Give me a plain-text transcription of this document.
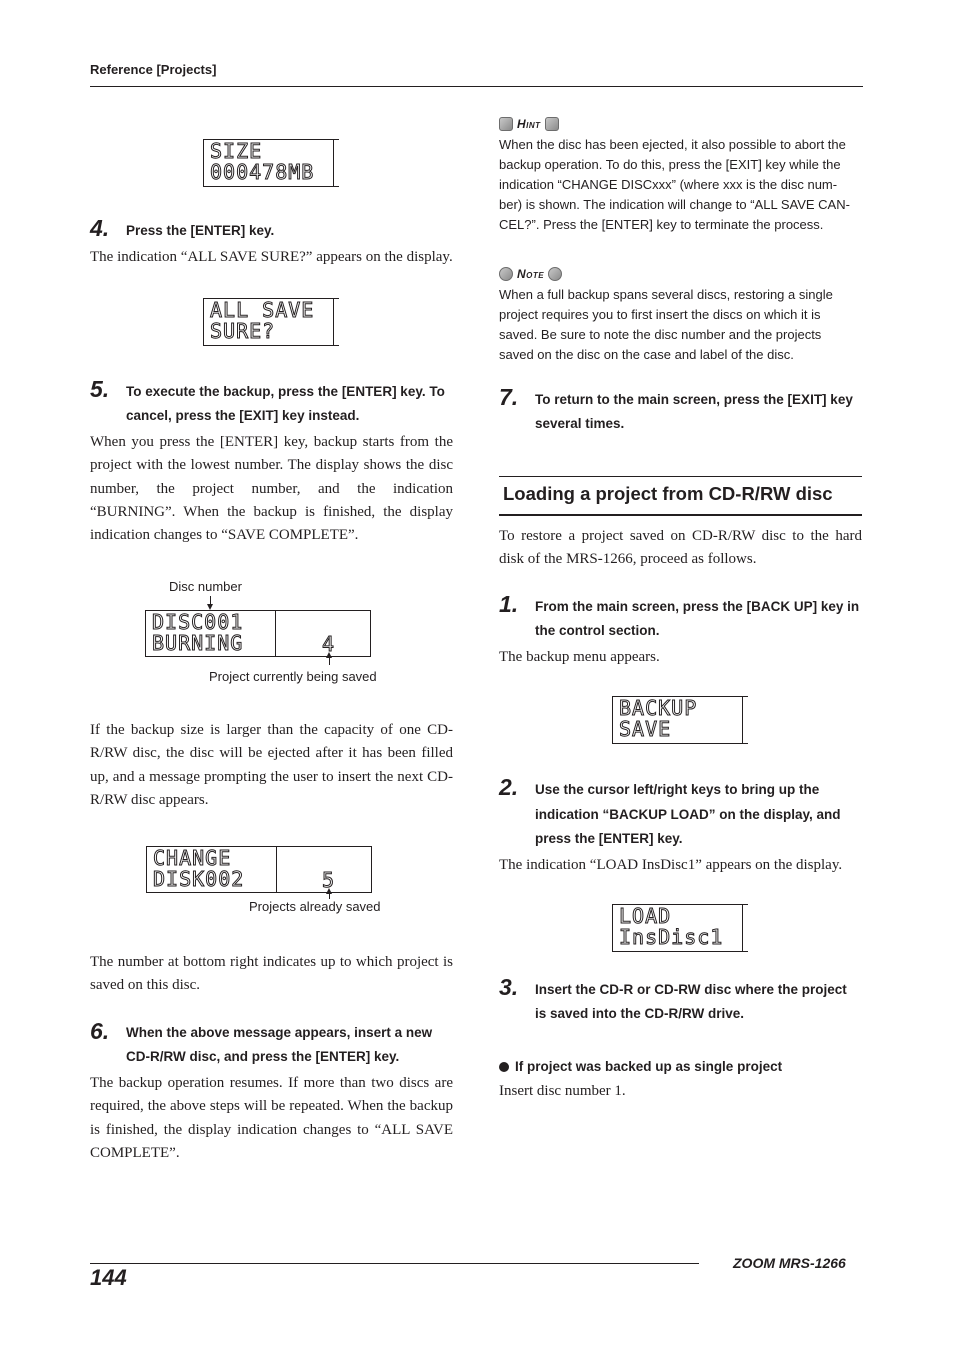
Reference [Projects]
SIZE
000478MB
4. Press the [ENTER] key.
The indication “ALL SAVE SURE?” appears on the display.
ALL SAVE
SURE?
5. To execute the backup, press the [ENTER] key. To
cancel, press the [EXIT] key instead.
When you press the [ENTER] key, backup starts from the project with the lowest number. The display shows the disc number, the project number, and the indication “BURNING”. When the backup is finished, the display indication changes to “SAVE COMPLETE”.
Disc number
DISC001
BURNING	4
Project currently being saved
If the backup size is larger than the capacity of one CD-R/RW disc, the disc will be ejected after it has been filled up, and a message prompting the user to insert the next CD-R/RW disc appears.
CHANGE
DISK002	5
Projects already saved
The number at bottom right indicates up to which project is saved on this disc.
6. When the above message appears, insert a new
CD-R/RW disc, and press the [ENTER] key.
The backup operation resumes. If more than two discs are required, the above steps will be repeated. When the backup is finished, the display indication changes to “ALL SAVE COMPLETE”.
Hint
When the disc has been ejected, it also possible to abort the
backup operation. To do this, press the [EXIT] key while the
indication “CHANGE DISCxxx” (where xxx is the disc num-
ber) is shown. The indication will change to “ALL SAVE CAN-
CEL?”. Press the [ENTER] key to terminate the process.
Note
When a full backup spans several discs, restoring a single
project requires you to first insert the discs on which it is
saved. Be sure to note the disc number and the projects
saved on the disc on the case and label of the disc.
7. To return to the main screen, press the [EXIT] key
several times.
Loading a project from CD-R/RW disc
To restore a project saved on CD-R/RW disc to the hard disk of the MRS-1266, proceed as follows.
1. From the main screen, press the [BACK UP] key in
the control section.
The backup menu appears.
BACKUP
SAVE
2. Use the cursor left/right keys to bring up the
indication “BACKUP LOAD” on the display, and
press the [ENTER] key.
The indication “LOAD InsDisc1” appears on the display.
LOAD
InsDisc1
3. Insert the CD-R or CD-RW disc where the project
is saved into the CD-R/RW drive.
If project was backed up as single project
Insert disc number 1.
144
ZOOM MRS-1266
